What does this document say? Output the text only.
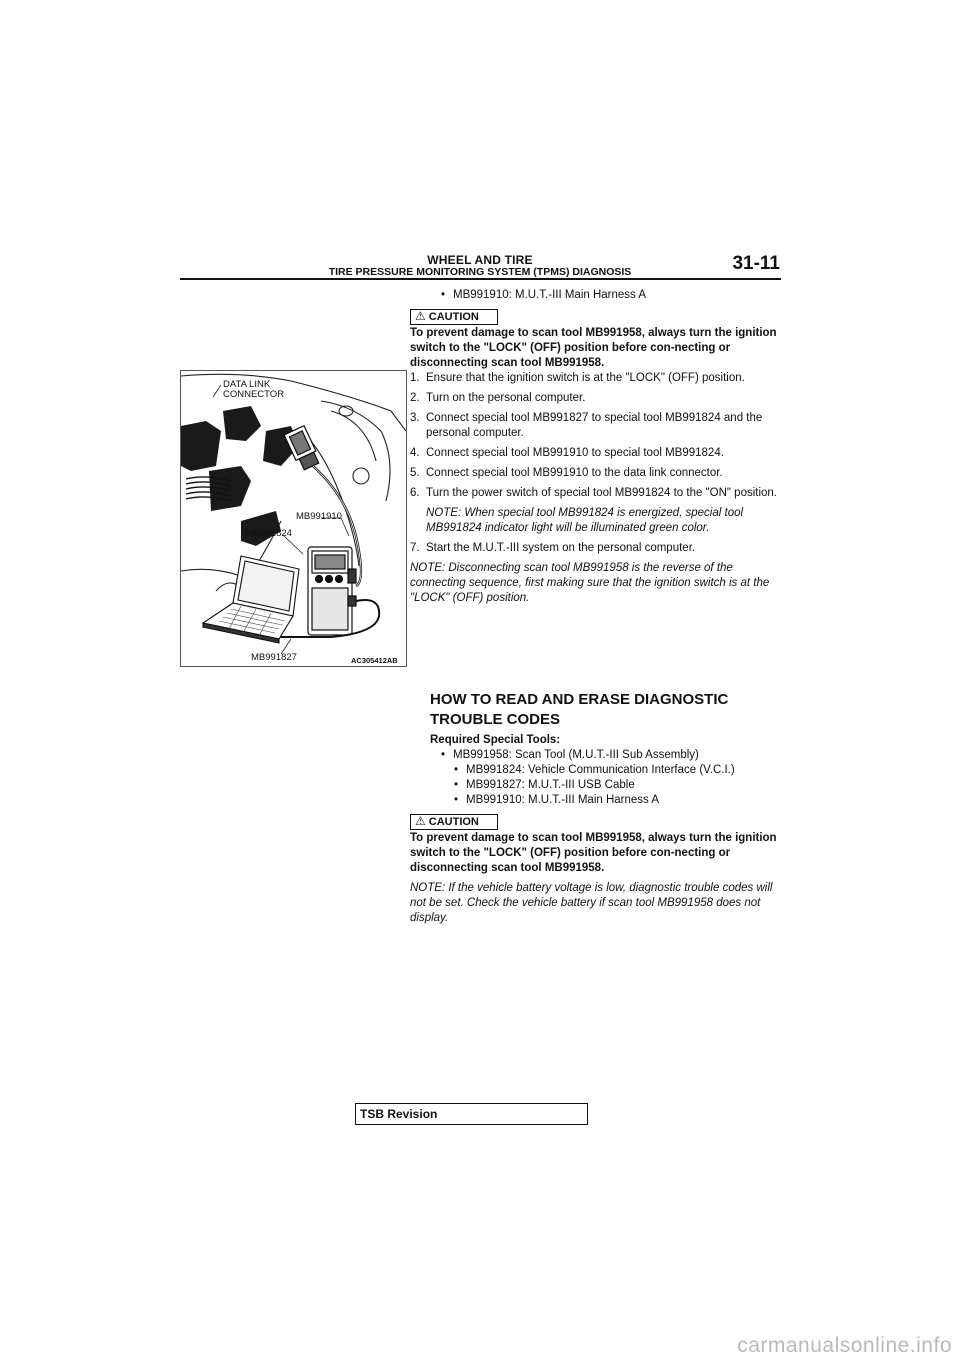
WHEEL AND TIRE
TIRE PRESSURE MONITORING SYSTEM (TPMS) DIAGNOSIS	31-11
DATA LINK
CONNECTOR
MB991910
MB991824
MB991827	AC305412AB

• MB991910: M.U.T.-III Main Harness A

⚠ CAUTION

To prevent damage to scan tool MB991958, always turn the ignition switch to the "LOCK" (OFF) position before con-necting or disconnecting scan tool MB991958.

1. Ensure that the ignition switch is at the "LOCK" (OFF) position.
2. Turn on the personal computer.
3. Connect special tool MB991827 to special tool MB991824 and the personal computer.
4. Connect special tool MB991910 to special tool MB991824.
5. Connect special tool MB991910 to the data link connector.
6. Turn the power switch of special tool MB991824 to the "ON" position.
NOTE: When special tool MB991824 is energized, special tool MB991824 indicator light will be illuminated green color.
7. Start the M.U.T.-III system on the personal computer.

NOTE: Disconnecting scan tool MB991958 is the reverse of the connecting sequence, first making sure that the ignition switch is at the "LOCK" (OFF) position.

HOW TO READ AND ERASE DIAGNOSTIC
TROUBLE CODES

Required Special Tools:

• MB991958: Scan Tool (M.U.T.-III Sub Assembly)

• MB991824: Vehicle Communication Interface (V.C.I.)

• MB991827: M.U.T.-III USB Cable

• MB991910: M.U.T.-III Main Harness A

⚠ CAUTION

To prevent damage to scan tool MB991958, always turn the ignition switch to the "LOCK" (OFF) position before con-necting or disconnecting scan tool MB991958.

NOTE: If the vehicle battery voltage is low, diagnostic trouble codes will not be set. Check the vehicle battery if scan tool MB991958 does not display.

TSB Revision
carmanualsonline.info
